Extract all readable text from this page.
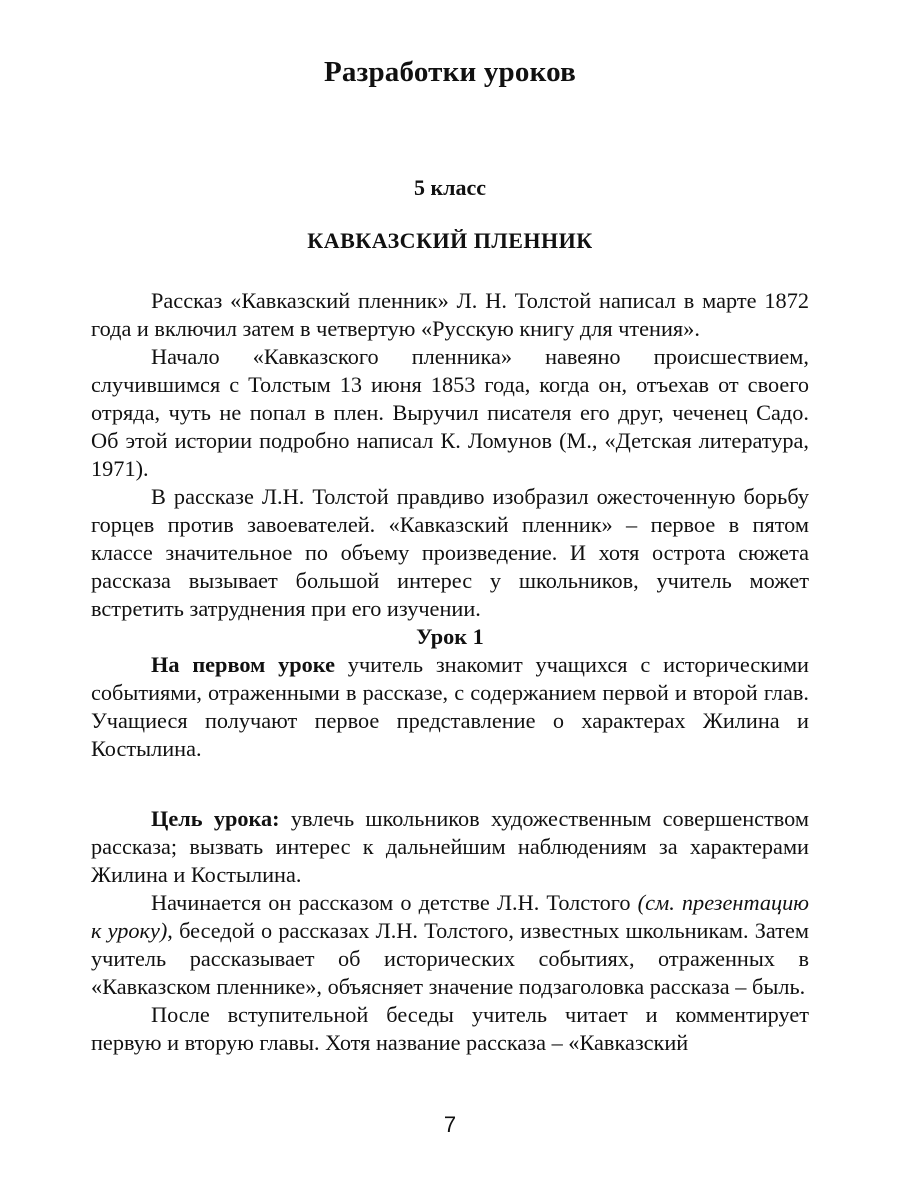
Разработки уроков
5 класс
КАВКАЗСКИЙ ПЛЕННИК

Рассказ «Кавказский пленник» Л. Н. Толстой написал в марте 1872 года и включил затем в четвертую «Русскую книгу для чтения».

Начало «Кавказского пленника» навеяно происшествием, случившимся с Толстым 13 июня 1853 года, когда он, отъехав от своего отряда, чуть не попал в плен. Выручил писателя его друг, чеченец Садо. Об этой истории подробно написал К. Ломунов (М., «Детская литература, 1971).

В рассказе Л.Н. Толстой правдиво изобразил ожесточенную борьбу горцев против завоевателей. «Кавказский пленник» – первое в пятом классе значительное по объему произведение. И хотя острота сюжета рассказа вызывает большой интерес у школьников, учитель может встретить затруднения при его изучении.

Урок 1

На первом уроке учитель знакомит учащихся с историческими событиями, отраженными в рассказе, с содержанием первой и второй глав. Учащиеся получают первое представление о характерах Жилина и Костылина.

Цель урока: увлечь школьников художественным совершенством рассказа; вызвать интерес к дальнейшим наблюдениям за характерами Жилина и Костылина.

Начинается он рассказом о детстве Л.Н. Толстого (см. презентацию к уроку), беседой о рассказах Л.Н. Толстого, известных школьникам. Затем учитель рассказывает об исторических событиях, отраженных в «Кавказском пленнике», объясняет значение подзаголовка рассказа – быль.

После вступительной беседы учитель читает и комментирует первую и вторую главы. Хотя название рассказа – «Кавказский

7
